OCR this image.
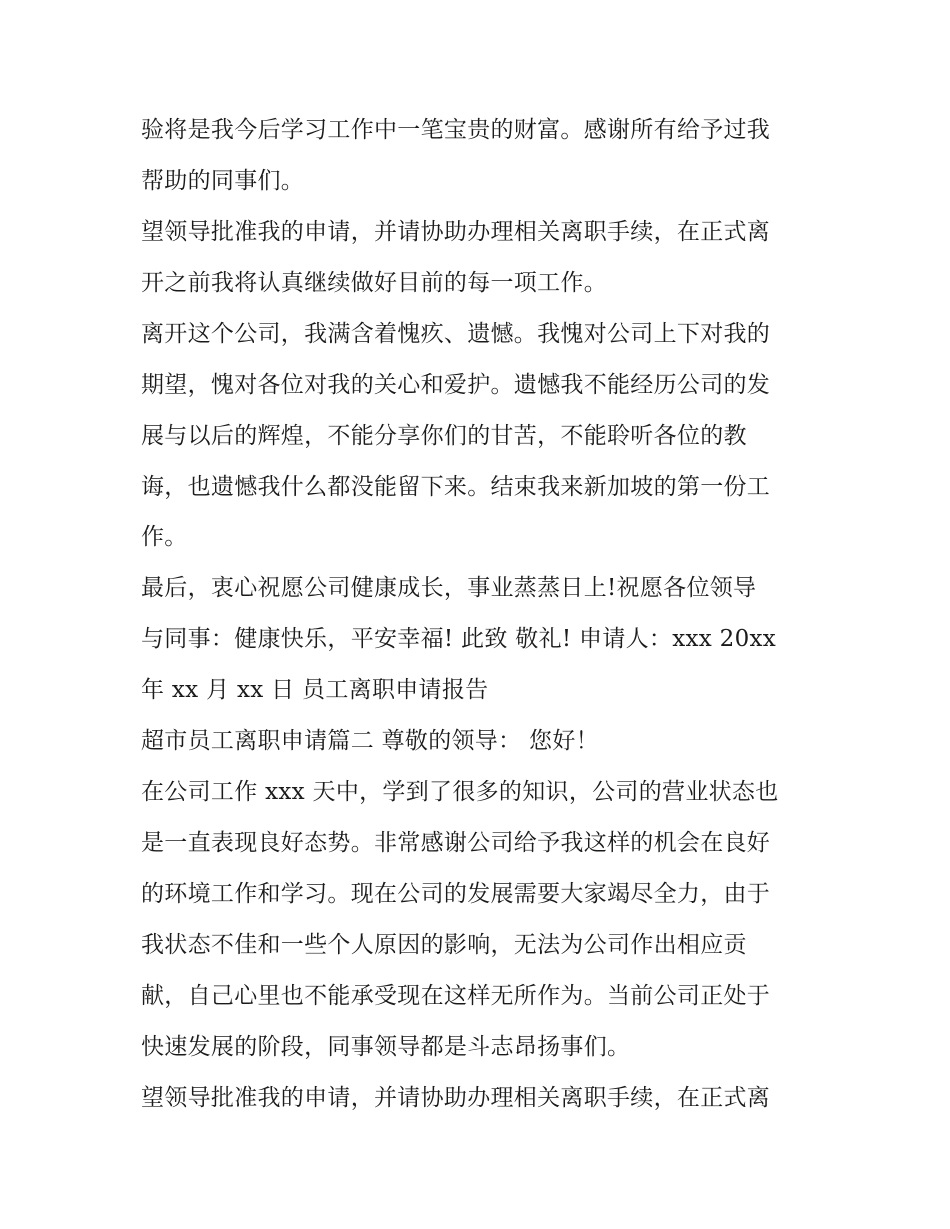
验将是我今后学习工作中一笔宝贵的财富。感谢所有给予过我
帮助的同事们。
望领导批准我的申请，并请协助办理相关离职手续，在正式离
开之前我将认真继续做好目前的每一项工作。
离开这个公司，我满含着愧疚、遗憾。我愧对公司上下对我的
期望，愧对各位对我的关心和爱护。遗憾我不能经历公司的发
展与以后的辉煌，不能分享你们的甘苦，不能聆听各位的教
诲，也遗憾我什么都没能留下来。结束我来新加坡的第一份工
作。
最后，衷心祝愿公司健康成长，事业蒸蒸日上!祝愿各位领导
与同事：健康快乐，平安幸福! 此致 敬礼! 申请人：xxx 20xx
年 xx 月 xx 日 员工离职申请报告
超市员工离职申请篇二 尊敬的领导： 您好！
在公司工作 xxx 天中，学到了很多的知识，公司的营业状态也
是一直表现良好态势。非常感谢公司给予我这样的机会在良好
的环境工作和学习。现在公司的发展需要大家竭尽全力，由于
我状态不佳和一些个人原因的影响，无法为公司作出相应贡
献，自己心里也不能承受现在这样无所作为。当前公司正处于
快速发展的阶段，同事领导都是斗志昂扬事们。
望领导批准我的申请，并请协助办理相关离职手续，在正式离
